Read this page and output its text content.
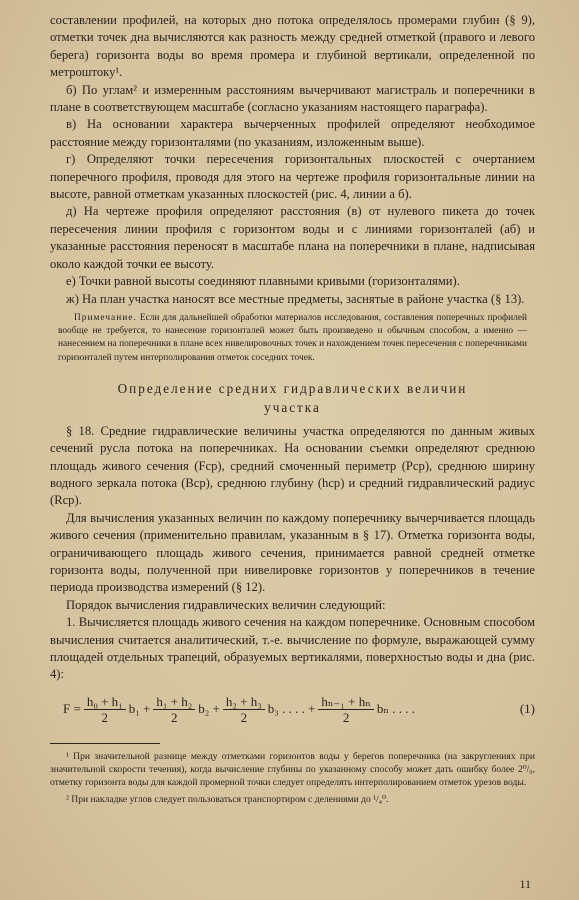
составлении профилей, на которых дно потока определялось промерами глубин (§ 9), отметки точек дна вычисляются как разность между средней отметкой (правого и левого берега) горизонта воды во время промера и глубиной вертикали, определенной по метроштоку¹.

б) По углам² и измеренным расстояниям вычерчивают магистраль и поперечники в плане в соответствующем масштабе (согласно указаниям настоящего параграфа).

в) На основании характера вычерченных профилей определяют необходимое расстояние между горизонталями (по указаниям, изложенным выше).

г) Определяют точки пересечения горизонтальных плоскостей с очертанием поперечного профиля, проводя для этого на чертеже профиля горизонтальные линии на высоте, равной отметкам указанных плоскостей (рис. 4, линии а б).

д) На чертеже профиля определяют расстояния (в) от нулевого пикета до точек пересечения линии профиля с горизонтом воды и с линиями горизонталей (аб) и указанные расстояния переносят в масштабе плана на поперечники в плане, надписывая около каждой точки ее высоту.

е) Точки равной высоты соединяют плавными кривыми (горизонталями).

ж) На план участка наносят все местные предметы, заснятые в районе участка (§ 13).

Примечание. Если для дальнейшей обработки материалов исследования, составления поперечных профилей вообще не требуется, то нанесение горизонталей может быть произведено и обычным способом, а именно — нанесением на поперечники в плане всех нивелировочных точек и нахождением точек пересечения с поперечниками горизонталей путем интерполирования отметок соседних точек.

Определение средних гидравлических величин

участка

§ 18. Средние гидравлические величины участка определяются по данным живых сечений русла потока на поперечниках. На основании съемки определяют среднюю площадь живого сечения (Fср), средний смоченный периметр (Рср), среднюю ширину водного зеркала потока (Вср), среднюю глубину (hср) и средний гидравлический радиус (Rср).

Для вычисления указанных величин по каждому поперечнику вычерчивается площадь живого сечения (применительно правилам, указанным в § 17). Отметка горизонта воды, ограничивающего площадь живого сечения, принимается равной средней отметке горизонта воды, полученной при нивелировке горизонтов у поперечников в течение периода производства измерений (§ 12).

Порядок вычисления гидравлических величин следующий:

1. Вычисляется площадь живого сечения на каждом поперечнике. Основным способом вычисления считается аналитический, т.-е. вычисление по формуле, выражающей сумму площадей отдельных трапеций, образуемых вертикалями, поверхностью воды и дна (рис. 4):

$F = \frac{\text{h₀ + h₁}}{2} b_1 + \frac{\text{h₁ + h₂}}{2} b_2 + \frac{\text{h₂ + h₃}}{2} b_3$ . . . . + $\frac{\text{hₙ₋₁ + hₙ}}{2}$ bₙ . . . .	(1)

¹ При значительной разнице между отметками горизонтов воды у берегов поперечника (на закруглениях при значительной скорости течения), когда вычисление глубины по указанному способу может дать ошибку более 2⁰/₀, отметку горизонта воды для каждой промерной точки следует определять интерполированием отметок урезов воды.

² При накладке углов следует пользоваться транспортиром с делениями до ¹/₄⁰.

11
